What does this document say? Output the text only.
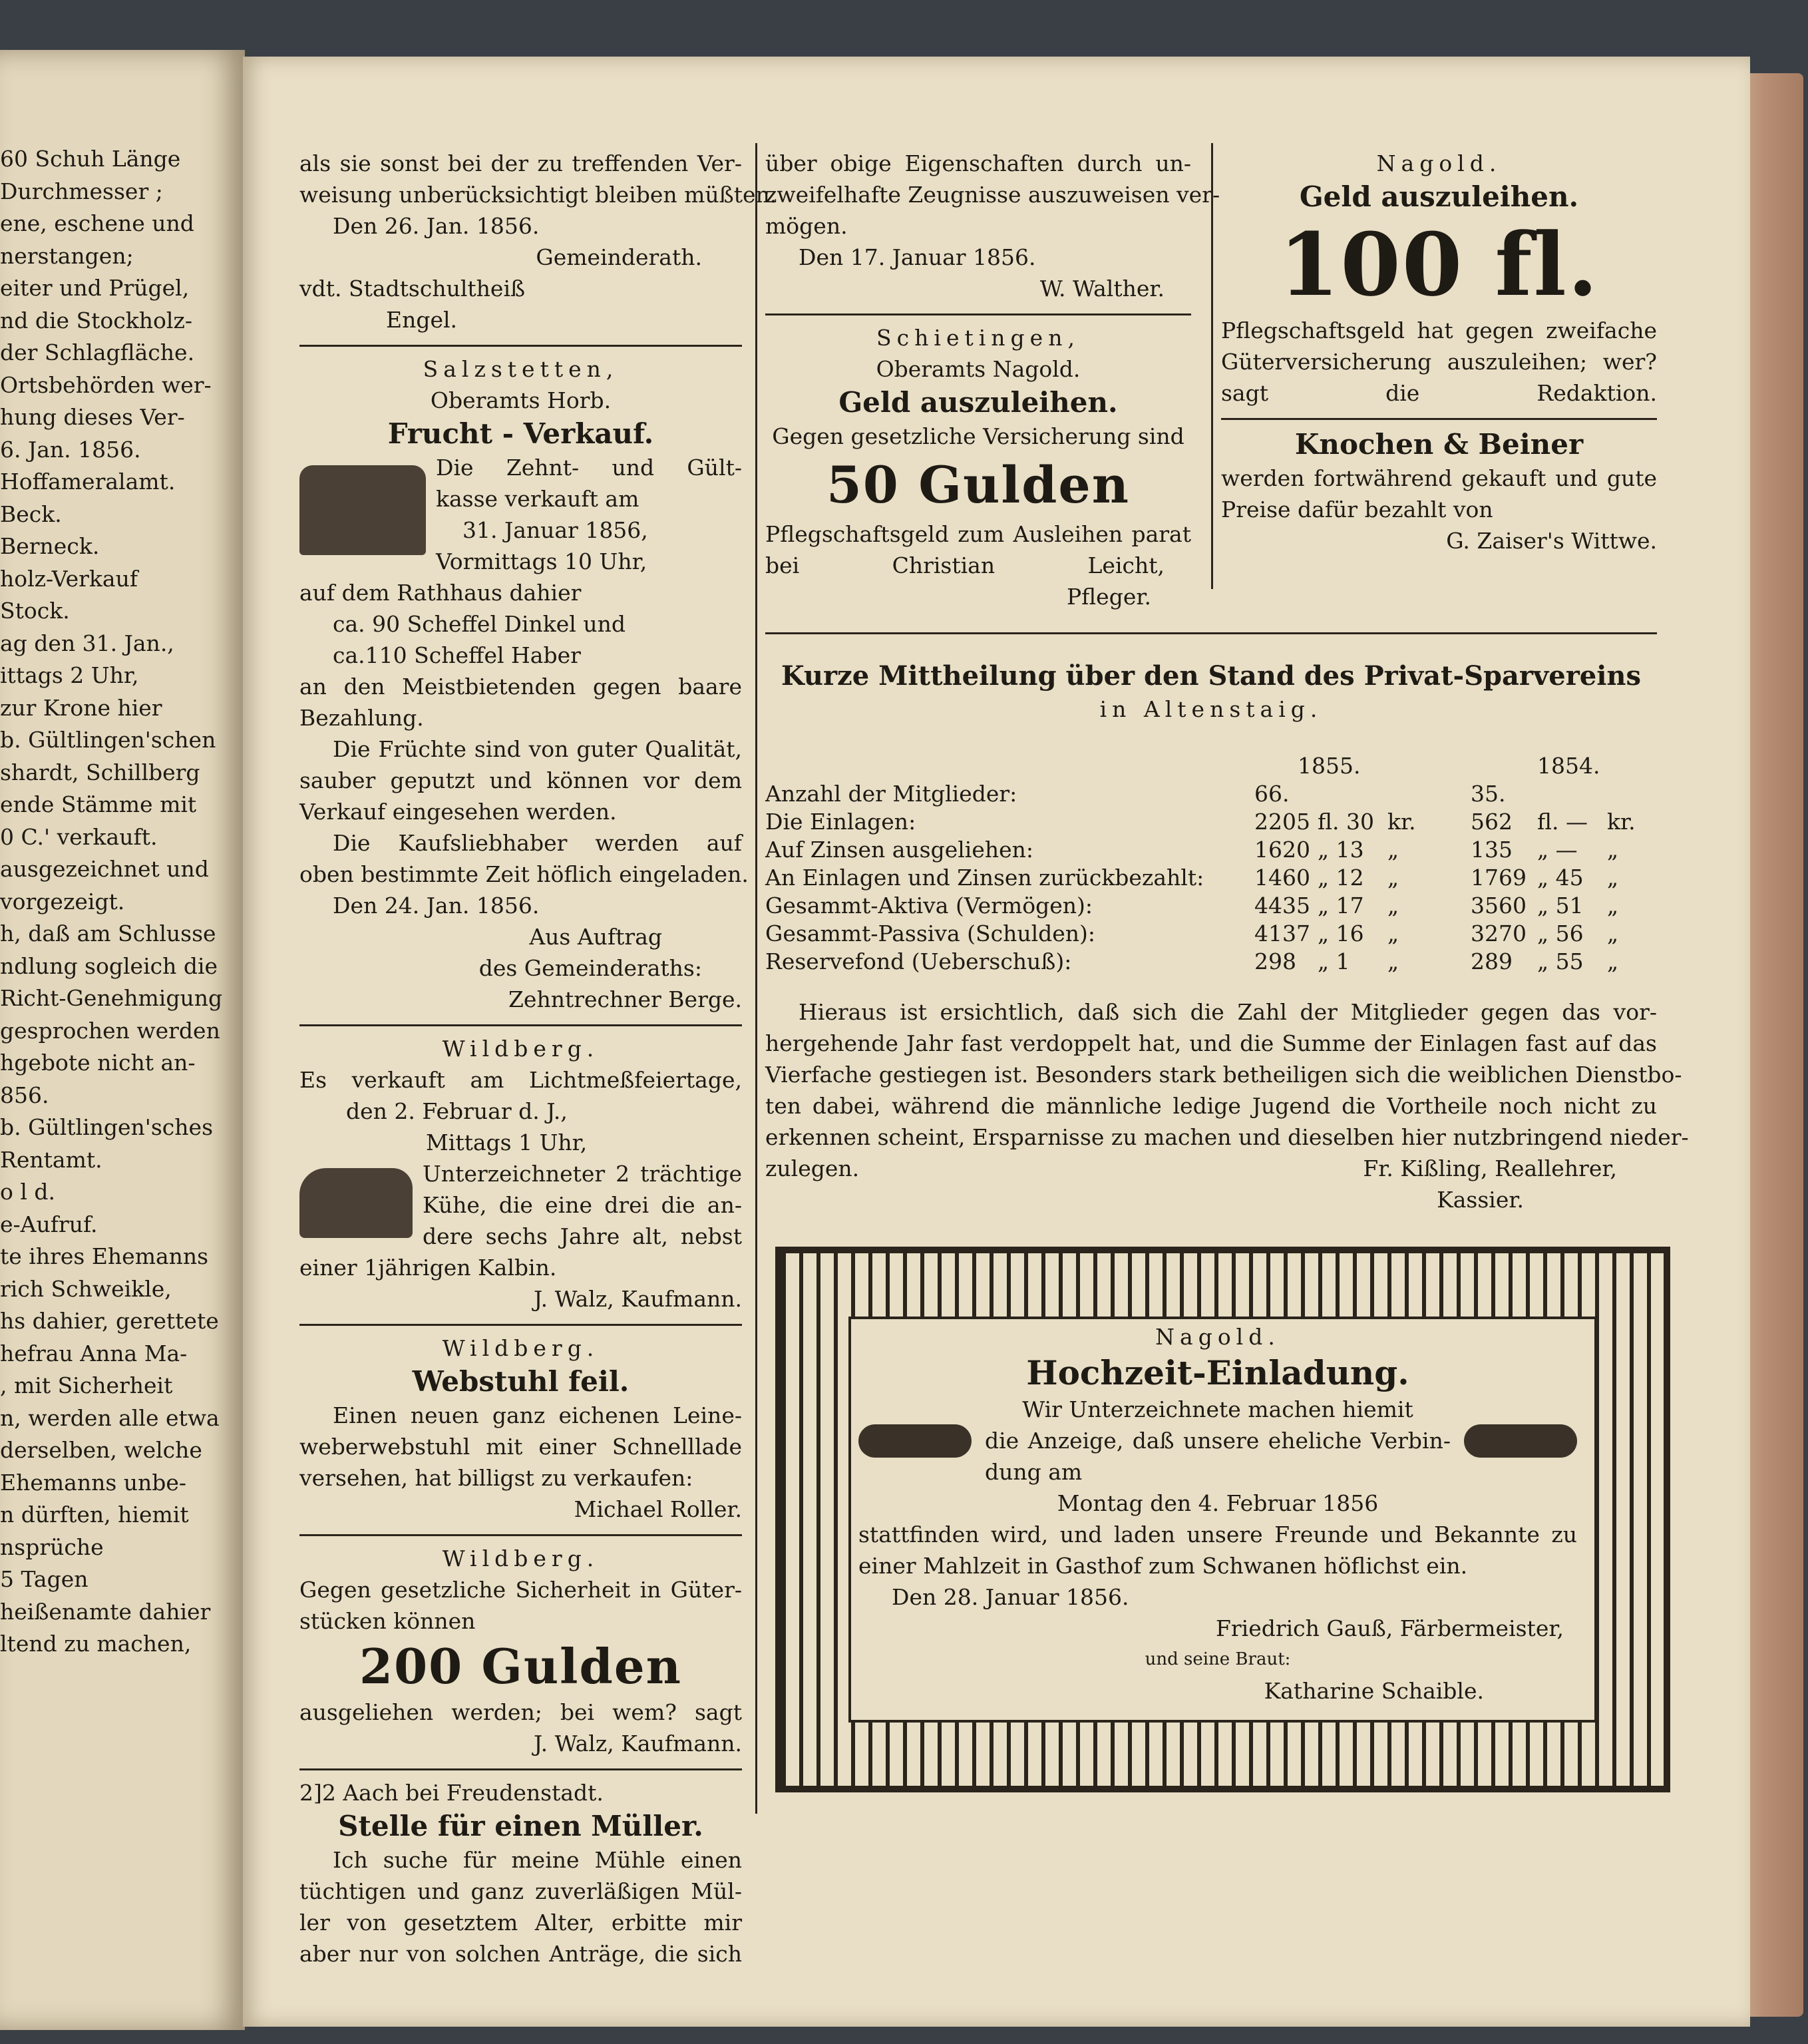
60 Schuh Länge
Durchmesser ;
ene, eschene und
nerstangen;
eiter und Prügel,
nd die Stockholz-
der Schlagfläche.
Ortsbehörden wer-
hung dieses Ver-
6. Jan. 1856.
Hoffameralamt.
Beck.
Berneck.
holz-Verkauf
Stock.
ag den 31. Jan.,
ittags 2 Uhr,
zur Krone hier
b. Gültlingen'schen
shardt, Schillberg
ende Stämme mit
0 C.' verkauft.
ausgezeichnet und
vorgezeigt.
h, daß am Schlusse
ndlung sogleich die
Richt-Genehmigung
gesprochen werden
hgebote nicht an-
856.
b. Gültlingen'sches
Rentamt.
o l d.
e-Aufruf.
te ihres Ehemanns
rich Schweikle,
hs dahier, gerettete
hefrau Anna Ma-
, mit Sicherheit
n, werden alle etwa
derselben, welche
Ehemanns unbe-
n dürften, hiemit
nsprüche
5 Tagen
heißenamte dahier
ltend zu machen,
als sie sonst bei der zu treffenden Ver-
weisung unberücksichtigt bleiben müßten.
Den 26. Jan. 1856.
Gemeinderath.
vdt. Stadtschultheiß
Engel.
Salzstetten,
Oberamts Horb.
Frucht - Verkauf.
Die Zehnt- und Gült-
kasse verkauft am
31. Januar 1856,
Vormittags 10 Uhr,
auf dem Rathhaus dahier
ca. 90 Scheffel Dinkel und
ca.110 Scheffel Haber
an den Meistbietenden gegen baare
Bezahlung.
Die Früchte sind von guter Qualität,
sauber geputzt und können vor dem
Verkauf eingesehen werden.
Die Kaufsliebhaber werden auf
oben bestimmte Zeit höflich eingeladen.
Den 24. Jan. 1856.
Aus Auftrag
des Gemeinderaths:
Zehntrechner Berge.
Wildberg.
Es verkauft am Lichtmeßfeiertage,
den 2. Februar d. J.,
Mittags 1 Uhr,
Unterzeichneter 2 trächtige
Kühe, die eine drei die an-
dere sechs Jahre alt, nebst
einer 1jährigen Kalbin.
J. Walz, Kaufmann.
Wildberg.
Webstuhl feil.
Einen neuen ganz eichenen Leine-
weberwebstuhl mit einer Schnelllade
versehen, hat billigst zu verkaufen:
Michael Roller.
Wildberg.
Gegen gesetzliche Sicherheit in Güter-
stücken können
200 Gulden
ausgeliehen werden; bei wem? sagt
J. Walz, Kaufmann.
2]2 Aach bei Freudenstadt.
Stelle für einen Müller.
Ich suche für meine Mühle einen
tüchtigen und ganz zuverläßigen Mül-
ler von gesetztem Alter, erbitte mir
aber nur von solchen Anträge, die sich
über obige Eigenschaften durch un-
zweifelhafte Zeugnisse auszuweisen ver-
mögen.
Den 17. Januar 1856.
W. Walther.
Schietingen,
Oberamts Nagold.
Geld auszuleihen.
Gegen gesetzliche Versicherung sind
50 Gulden
Pflegschaftsgeld zum Ausleihen parat
bei Christian Leicht,
Pfleger.
Nagold.
Geld auszuleihen.
100 fl.
Pflegschaftsgeld hat gegen zweifache
Güterversicherung auszuleihen; wer?
sagt die Redaktion.
Knochen & Beiner
werden fortwährend gekauft und gute
Preise dafür bezahlt von
G. Zaiser's Wittwe.
Kurze Mittheilung über den Stand des Privat-Sparvereins
in Altenstaig.
1855.	1854.
Anzahl der Mitglieder:	66.	35.
Die Einlagen:	2205 fl. 30 kr. 562 fl. — kr.
Auf Zinsen ausgeliehen:	1620 „ 13 „	135 „ — „
An Einlagen und Zinsen zurückbezahlt: 1460 „ 12 „	1769 „ 45 „
Gesammt-Aktiva (Vermögen):	4435 „ 17 „	3560 „ 51 „
Gesammt-Passiva (Schulden):	4137 „ 16 „	3270 „ 56 „
Reservefond (Ueberschuß):	298 „ 1 „	289 „ 55 „
Hieraus ist ersichtlich, daß sich die Zahl der Mitglieder gegen das vor-
hergehende Jahr fast verdoppelt hat, und die Summe der Einlagen fast auf das
Vierfache gestiegen ist. Besonders stark betheiligen sich die weiblichen Dienstbo-
ten dabei, während die männliche ledige Jugend die Vortheile noch nicht zu
erkennen scheint, Ersparnisse zu machen und dieselben hier nutzbringend nieder-
zulegen.	Fr. Kißling, Reallehrer,
Kassier.
Nagold.
Hochzeit-Einladung.
Wir Unterzeichnete machen hiemit
die Anzeige, daß unsere eheliche Verbin-
dung am
Montag den 4. Februar 1856
stattfinden wird, und laden unsere Freunde und Bekannte zu
einer Mahlzeit in Gasthof zum Schwanen höflichst ein.
Den 28. Januar 1856.
Friedrich Gauß, Färbermeister,
und seine Braut:
Katharine Schaible.
